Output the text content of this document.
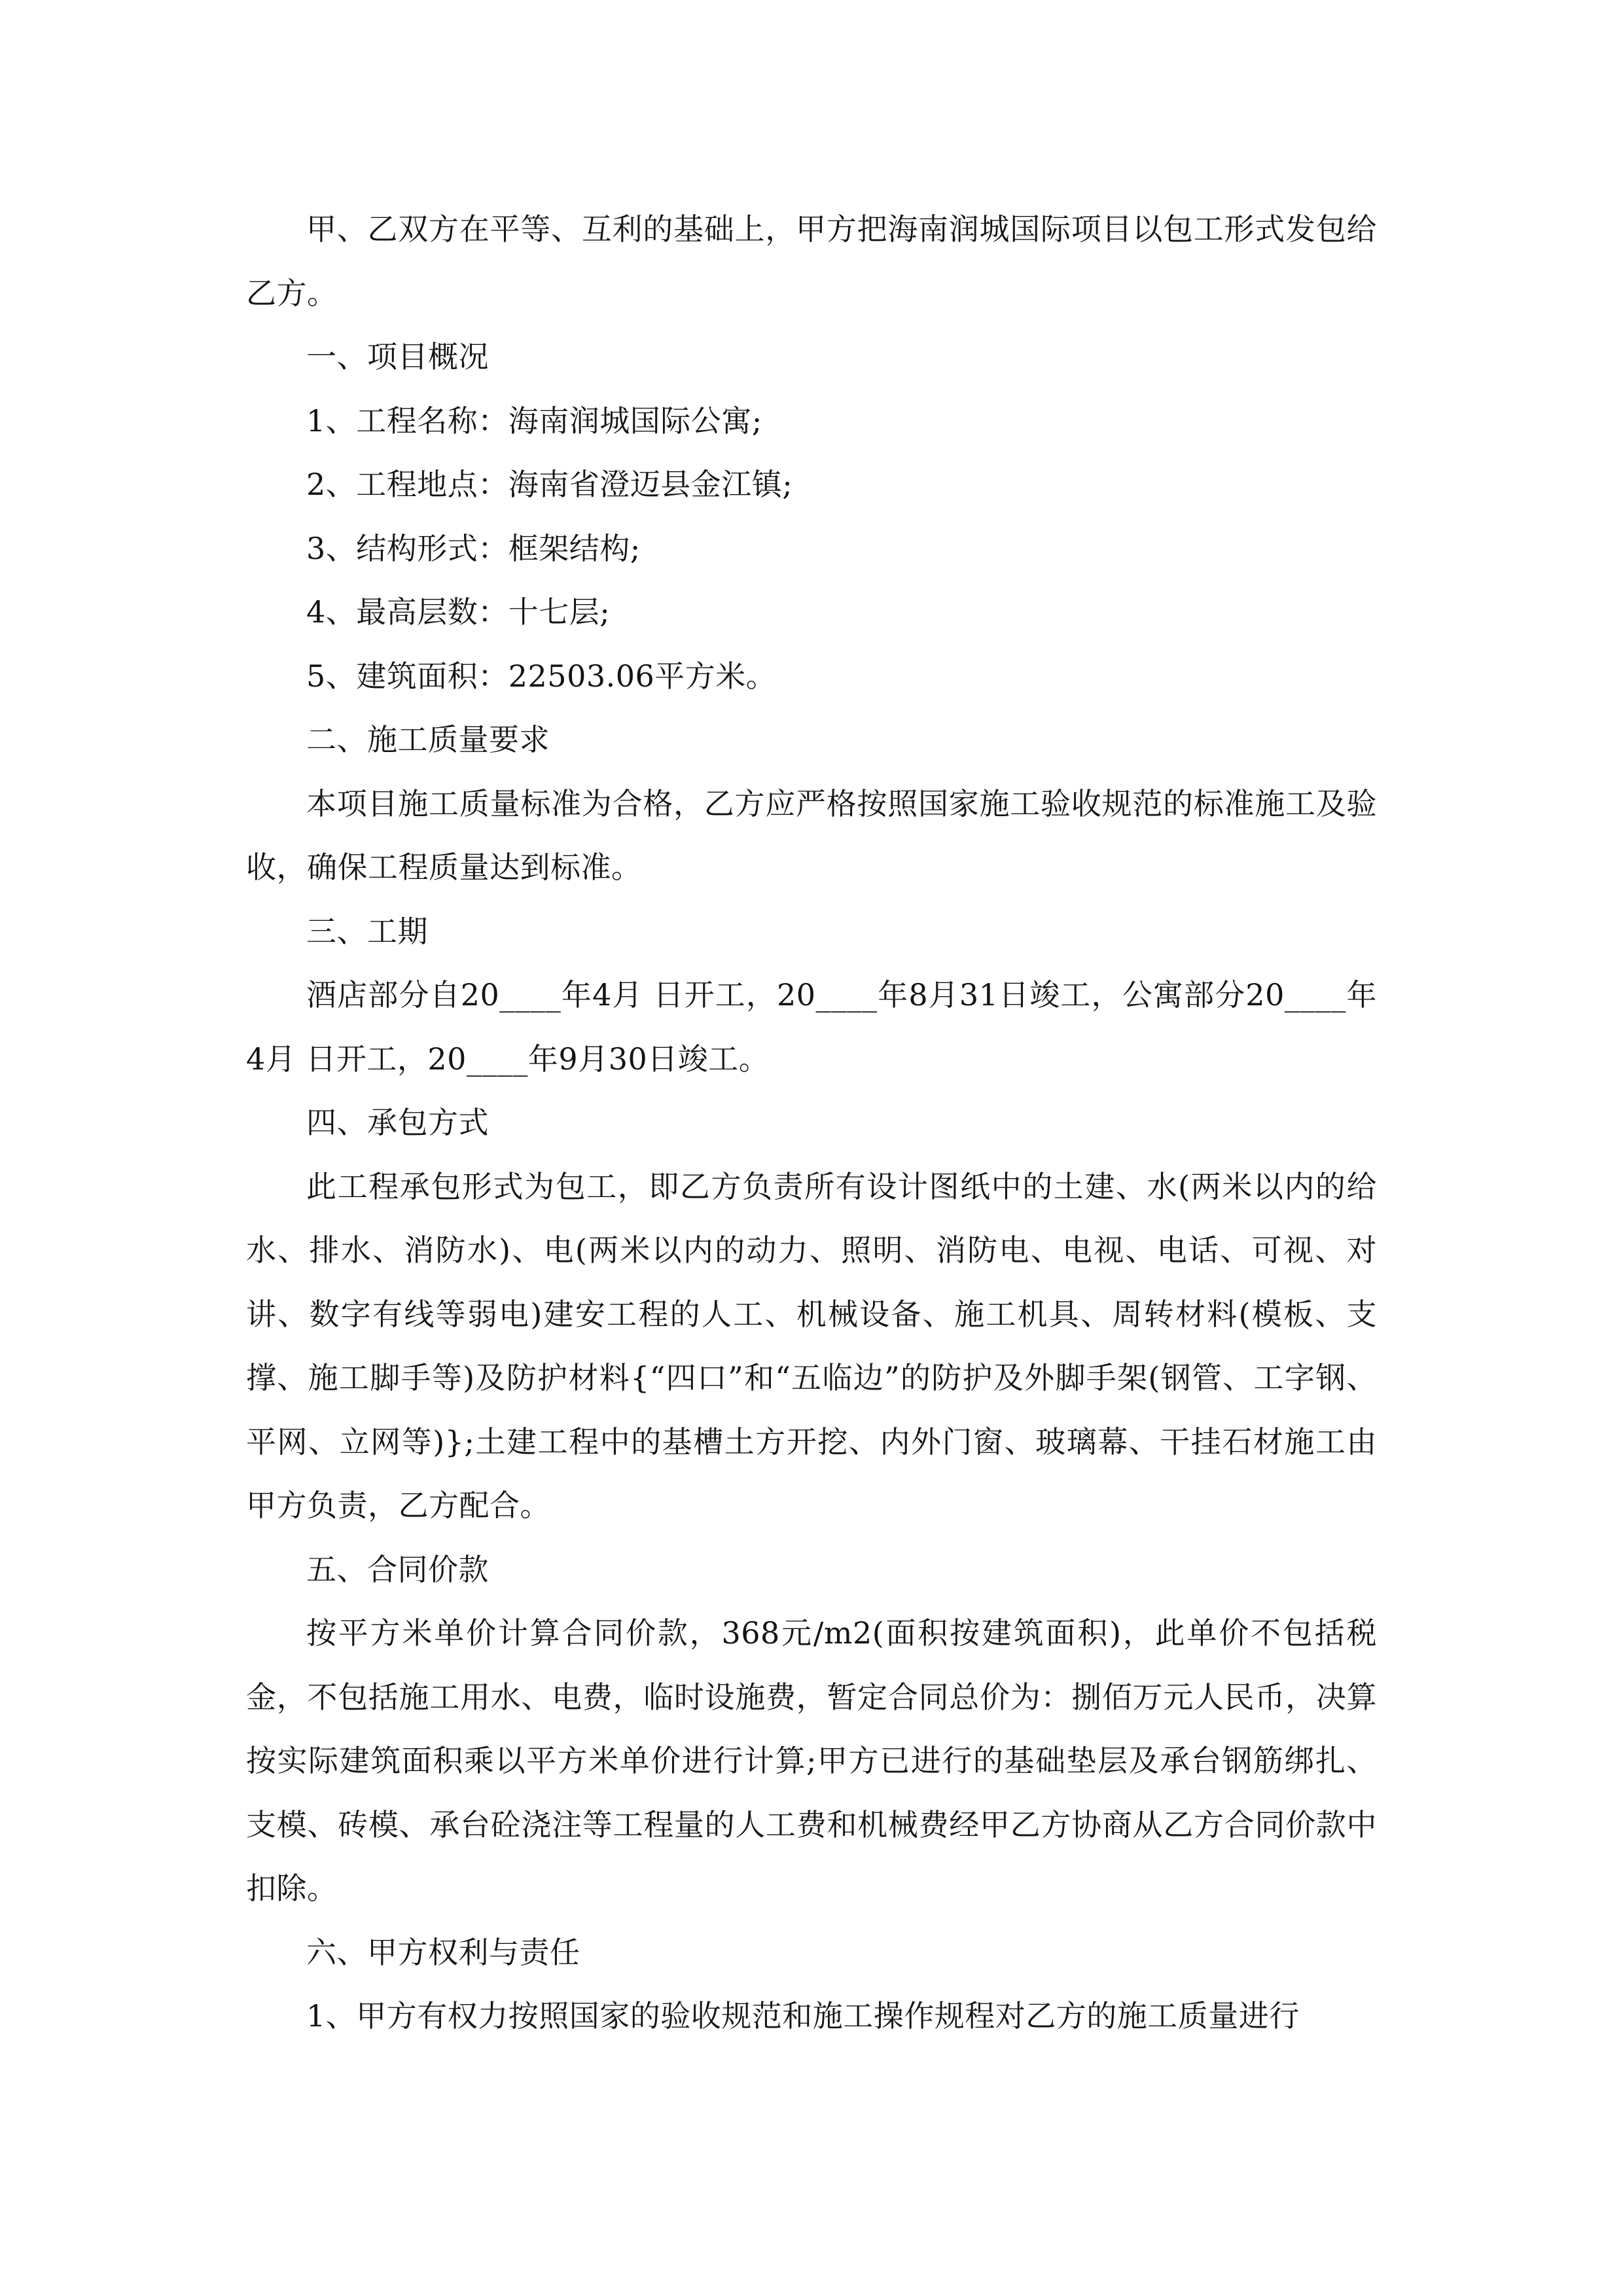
甲、乙双方在平等、互利的基础上，甲方把海南润城国际项目以包工形式发包给乙方。

一、项目概况

1、工程名称：海南润城国际公寓;

2、工程地点：海南省澄迈县金江镇;

3、结构形式：框架结构;

4、最高层数：十七层;

5、建筑面积：22503.06平方米。

二、施工质量要求

本项目施工质量标准为合格，乙方应严格按照国家施工验收规范的标准施工及验收，确保工程质量达到标准。

三、工期

酒店部分自20____年4月 日开工，20____年8月31日竣工，公寓部分20____年4月 日开工，20____年9月30日竣工。

四、承包方式

此工程承包形式为包工，即乙方负责所有设计图纸中的土建、水(两米以内的给水、排水、消防水)、电(两米以内的动力、照明、消防电、电视、电话、可视、对讲、数字有线等弱电)建安工程的人工、机械设备、施工机具、周转材料(模板、支撑、施工脚手等)及防护材料{“四口”和“五临边”的防护及外脚手架(钢管、工字钢、平网、立网等)};土建工程中的基槽土方开挖、内外门窗、玻璃幕、干挂石材施工由甲方负责，乙方配合。

五、合同价款

按平方米单价计算合同价款，368元/m2(面积按建筑面积)，此单价不包括税金，不包括施工用水、电费，临时设施费，暂定合同总价为：捌佰万元人民币，决算按实际建筑面积乘以平方米单价进行计算;甲方已进行的基础垫层及承台钢筋绑扎、支模、砖模、承台砼浇注等工程量的人工费和机械费经甲乙方协商从乙方合同价款中扣除。

六、甲方权利与责任

1、甲方有权力按照国家的验收规范和施工操作规程对乙方的施工质量进行
